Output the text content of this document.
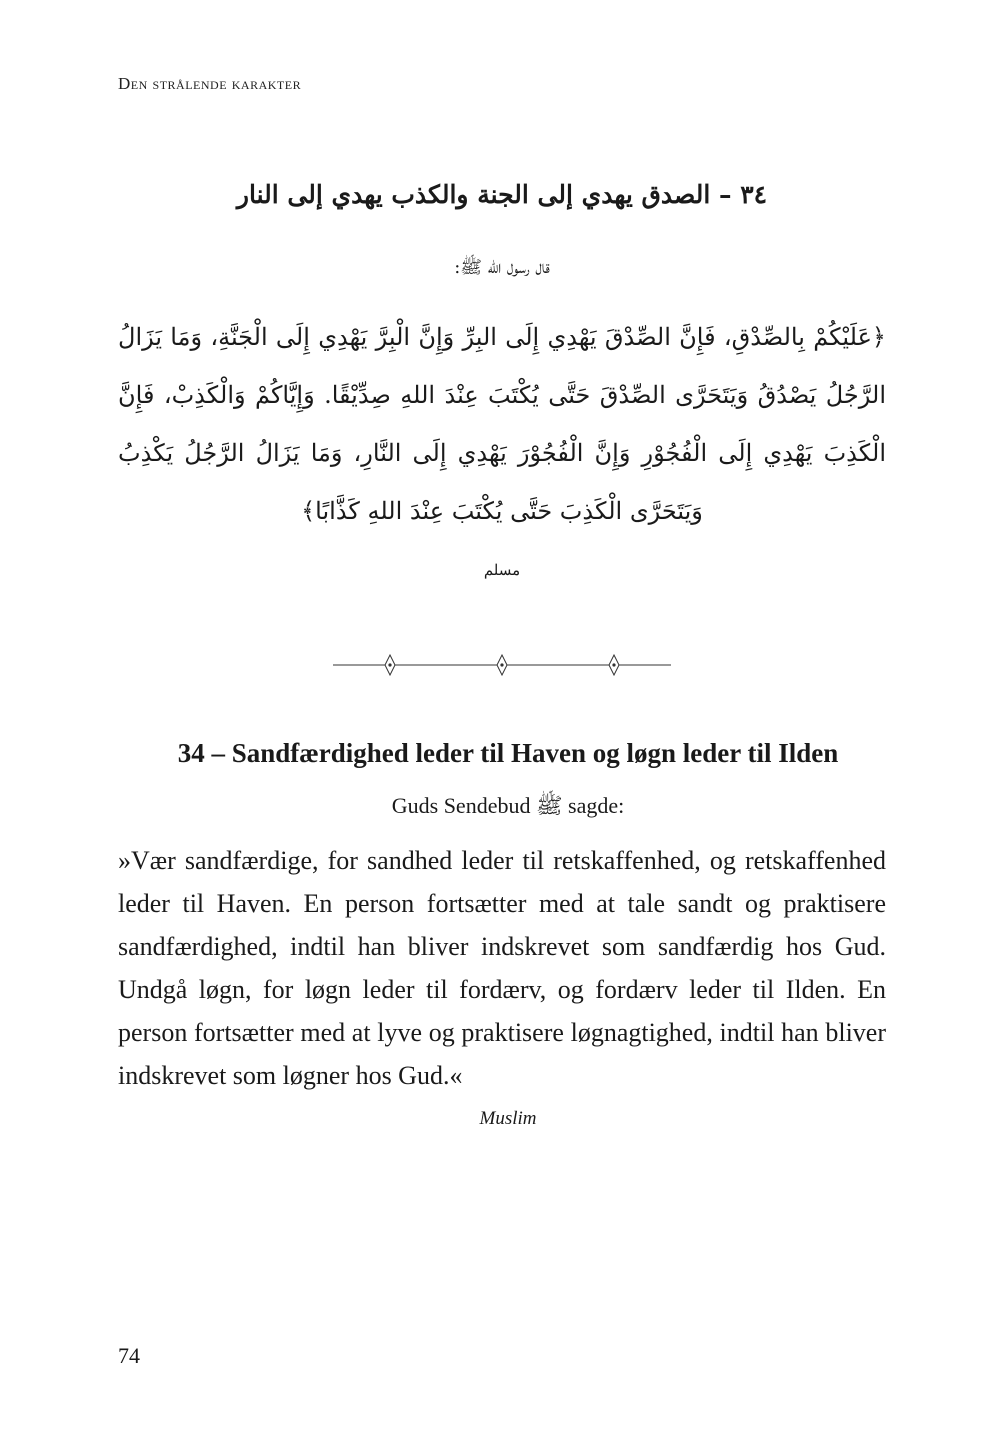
Den strålende karakter
٣٤ – الصدق يهدي إلى الجنة والكذب يهدي إلى النار
قال رسول الله ﷺ:
﴿عَلَيْكُمْ بِالصِّدْقِ، فَإِنَّ الصِّدْقَ يَهْدِي إِلَى البِرِّ وَإِنَّ الْبِرَّ يَهْدِي إِلَى الْجَنَّةِ، وَمَا يَزَالُ الرَّجُلُ يَصْدُقُ وَيَتَحَرَّى الصِّدْقَ حَتَّى يُكْتَبَ عِنْدَ اللهِ صِدِّيْقًا. وَإِيَّاكُمْ وَالْكَذِبْ، فَإِنَّ الْكَذِبَ يَهْدِي إِلَى الْفُجُوْرِ وَإِنَّ الْفُجُوْرَ يَهْدِي إِلَى النَّارِ، وَمَا يَزَالُ الرَّجُلُ يَكْذِبُ وَيَتَحَرَّى الْكَذِبَ حَتَّى يُكْتَبَ عِنْدَ اللهِ كَذَّابًا﴾
مسلم
34 – Sandfærdighed leder til Haven og løgn leder til Ilden
Guds Sendebud ﷺ sagde:
»Vær sandfærdige, for sandhed leder til retskaffenhed, og retskaffenhed leder til Haven. En person fortsætter med at tale sandt og praktisere sandfærdighed, indtil han bliver indskrevet som sandfærdig hos Gud. Undgå løgn, for løgn leder til fordærv, og fordærv leder til Ilden. En person fortsætter med at lyve og praktisere løgnagtighed, indtil han bliver indskrevet som løgner hos Gud.«
Muslim
74
